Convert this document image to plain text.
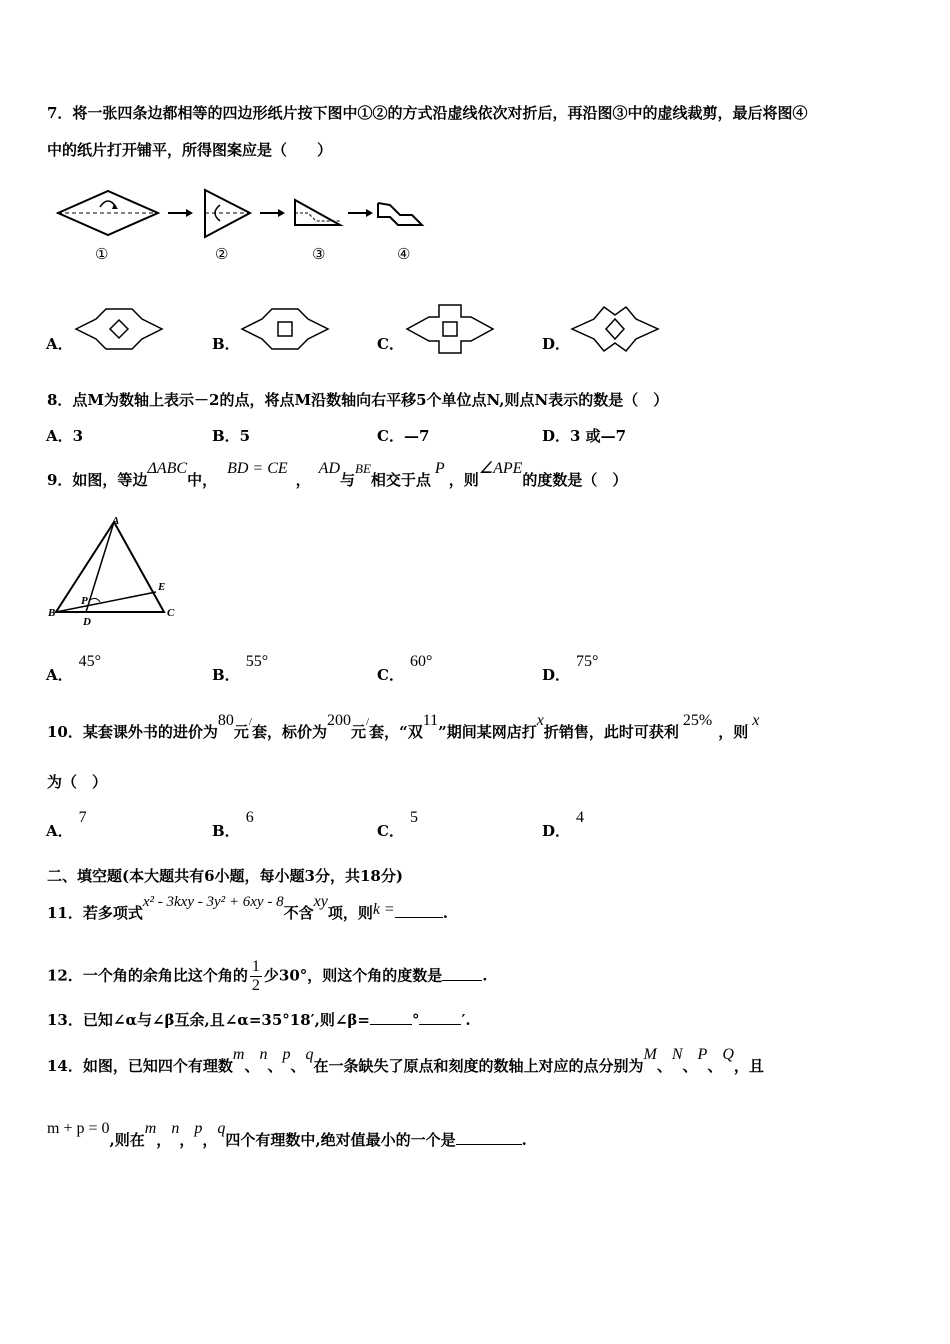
7．将一张四条边都相等的四边形纸片按下图中①②的方式沿虚线依次对折后，再沿图③中的虚线裁剪，最后将图④
中的纸片打开铺平，所得图案应是（　　）
①	②	③	④
A．	B．	C．	D．
8．点M为数轴上表示－2的点，将点M沿数轴向右平移5个单位点N,则点N表示的数是（　）
A．3	B．5	C．—7	D．3 或—7
9．如图，等边ΔABC中，BD = CE，AD与BE相交于点P，则∠APE的度数是（　）
A
B	C
D
E
P
A．45°
B．55°
C．60°
D．75°
10．某套课外书的进价为80元/套，标价为200元/套，“双11”期间某网店打x折销售，此时可获利25%，则x
为（　）
A．7
B．6
C．5
D．4
二、填空题(本大题共有6小题，每小题3分，共18分)
11．若多项式x² - 3kxy - 3y² + 6xy - 8不含xy项，则k =	.
12．一个角的余角比这个角的 $\frac{1}{2}$ 少30°，则这个角的度数是	.
13．已知∠α与∠β互余,且∠α=35°18′,则∠β=	°	′.
14．如图，已知四个有理数m、n、p、q在一条缺失了原点和刻度的数轴上对应的点分别为M、N、P、Q，且
m + p = 0,则在m，n，p，q四个有理数中,绝对值最小的一个是	.
